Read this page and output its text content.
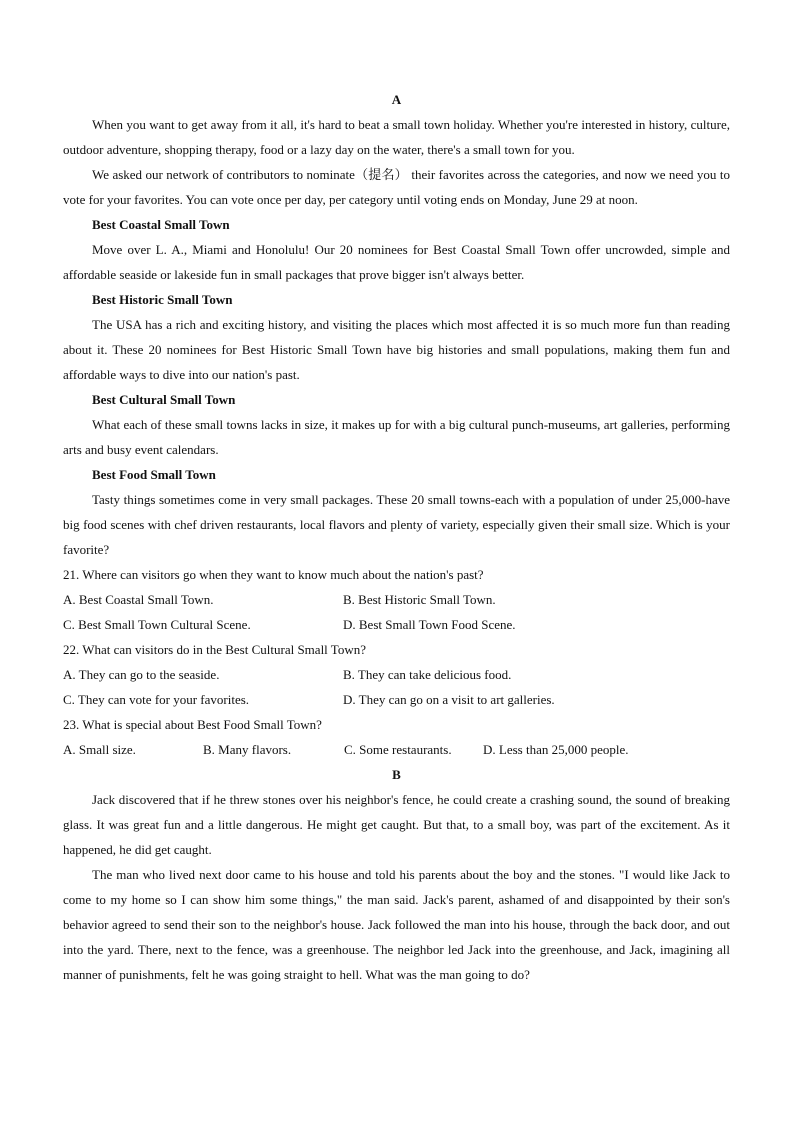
A

When you want to get away from it all, it's hard to beat a small town holiday. Whether you're interested in history, culture, outdoor adventure, shopping therapy, food or a lazy day on the water, there's a small town for you.

We asked our network of contributors to nominate（提名） their favorites across the categories, and now we need you to vote for your favorites. You can vote once per day, per category until voting ends on Monday, June 29 at noon.

Best Coastal Small Town

Move over L. A., Miami and Honolulu! Our 20 nominees for Best Coastal Small Town offer uncrowded, simple and affordable seaside or lakeside fun in small packages that prove bigger isn't always better.

Best Historic Small Town

The USA has a rich and exciting history, and visiting the places which most affected it is so much more fun than reading about it. These 20 nominees for Best Historic Small Town have big histories and small populations, making them fun and affordable ways to dive into our nation's past.

Best Cultural Small Town

What each of these small towns lacks in size, it makes up for with a big cultural punch-museums, art galleries, performing arts and busy event calendars.

Best Food Small Town

Tasty things sometimes come in very small packages. These 20 small towns-each with a population of under 25,000-have big food scenes with chef driven restaurants, local flavors and plenty of variety, especially given their small size. Which is your favorite?

21. Where can visitors go when they want to know much about the nation's past?

A. Best Coastal Small Town.	B. Best Historic Small Town.
C. Best Small Town Cultural Scene.	D. Best Small Town Food Scene.

22. What can visitors do in the Best Cultural Small Town?

A. They can go to the seaside.	B. They can take delicious food.
C. They can vote for your favorites.	D. They can go on a visit to art galleries.

23. What is special about Best Food Small Town?

A. Small size.	B. Many flavors.	C. Some restaurants.	D. Less than 25,000 people.
B

Jack discovered that if he threw stones over his neighbor's fence, he could create a crashing sound, the sound of breaking glass. It was great fun and a little dangerous. He might get caught. But that, to a small boy, was part of the excitement. As it happened, he did get caught.

The man who lived next door came to his house and told his parents about the boy and the stones. "I would like Jack to come to my home so I can show him some things," the man said. Jack's parent, ashamed of and disappointed by their son's behavior agreed to send their son to the neighbor's house. Jack followed the man into his house, through the back door, and out into the yard. There, next to the fence, was a greenhouse. The neighbor led Jack into the greenhouse, and Jack, imagining all manner of punishments, felt he was going straight to hell. What was the man going to do?
